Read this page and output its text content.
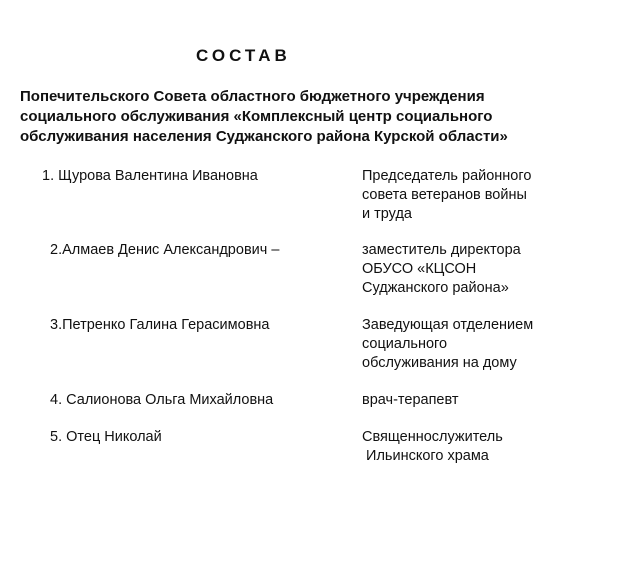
СОСТАВ
Попечительского Совета областного бюджетного учреждения
социального обслуживания «Комплексный центр социального
обслуживания населения Суджанского района Курской области»
1. Щурова Валентина Ивановна	Председатель районного
совета ветеранов войны
и труда
2.Алмаев Денис Александрович –	заместитель директора
ОБУСО «КЦСОН
Суджанского района»
3.Петренко Галина Герасимовна	Заведующая отделением
социального
обслуживания на дому
4. Салионова Ольга Михайловна	врач-терапевт
5. Отец Николай	Священнослужитель
Ильинского храма
